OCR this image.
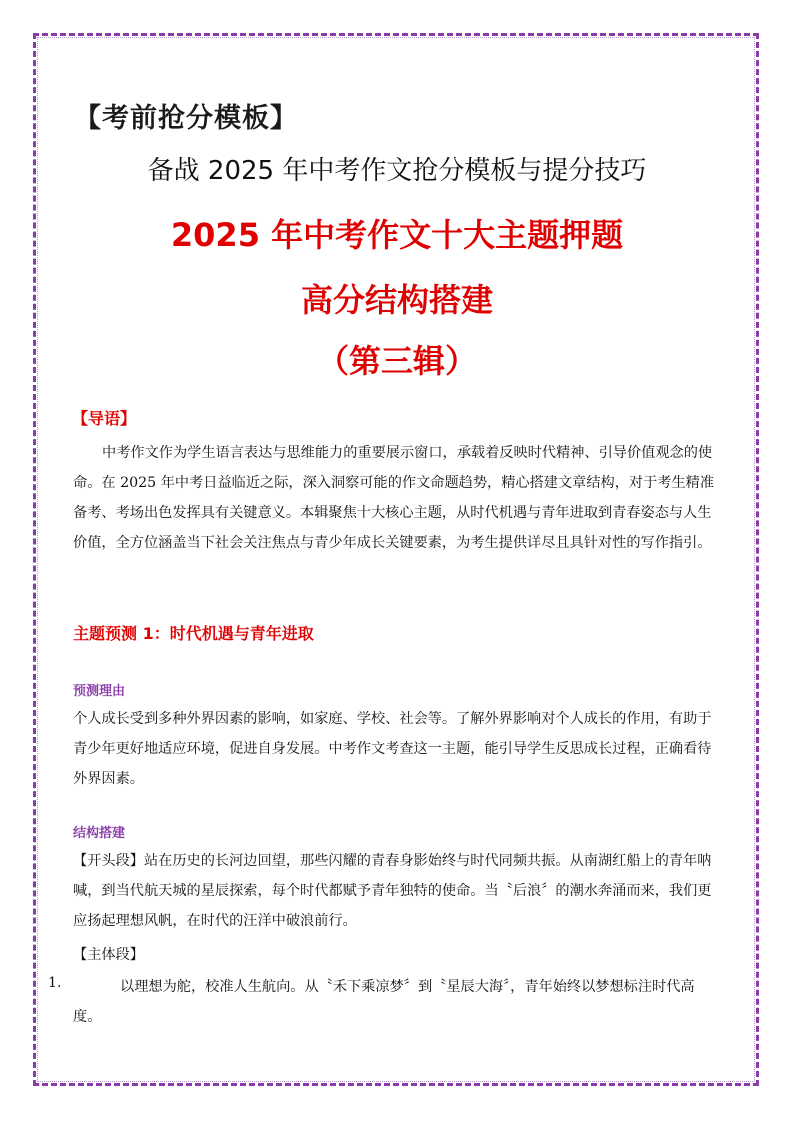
【考前抢分模板】
备战 2025 年中考作文抢分模板与提分技巧
2025 年中考作文十大主题押题
高分结构搭建
（第三辑）
【导语】
中考作文作为学生语言表达与思维能力的重要展示窗口，承载着反映时代精神、引导价值观念的使命。在 2025 年中考日益临近之际，深入洞察可能的作文命题趋势，精心搭建文章结构，对于考生精准备考、考场出色发挥具有关键意义。本辑聚焦十大核心主题，从时代机遇与青年进取到青春姿态与人生价值，全方位涵盖当下社会关注焦点与青少年成长关键要素，为考生提供详尽且具针对性的写作指引。
主题预测 1：时代机遇与青年进取
预测理由
个人成长受到多种外界因素的影响，如家庭、学校、社会等。了解外界影响对个人成长的作用，有助于青少年更好地适应环境，促进自身发展。中考作文考查这一主题，能引导学生反思成长过程，正确看待外界因素。
结构搭建
【开头段】站在历史的长河边回望，那些闪耀的青春身影始终与时代同频共振。从南湖红船上的青年呐喊，到当代航天城的星辰探索，每个时代都赋予青年独特的使命。当〝后浪〞的潮水奔涌而来，我们更应扬起理想风帆，在时代的汪洋中破浪前行。
【主体段】
1.	以理想为舵，校准人生航向。从〝禾下乘凉梦〞到〝星辰大海〞，青年始终以梦想标注时代高度。
